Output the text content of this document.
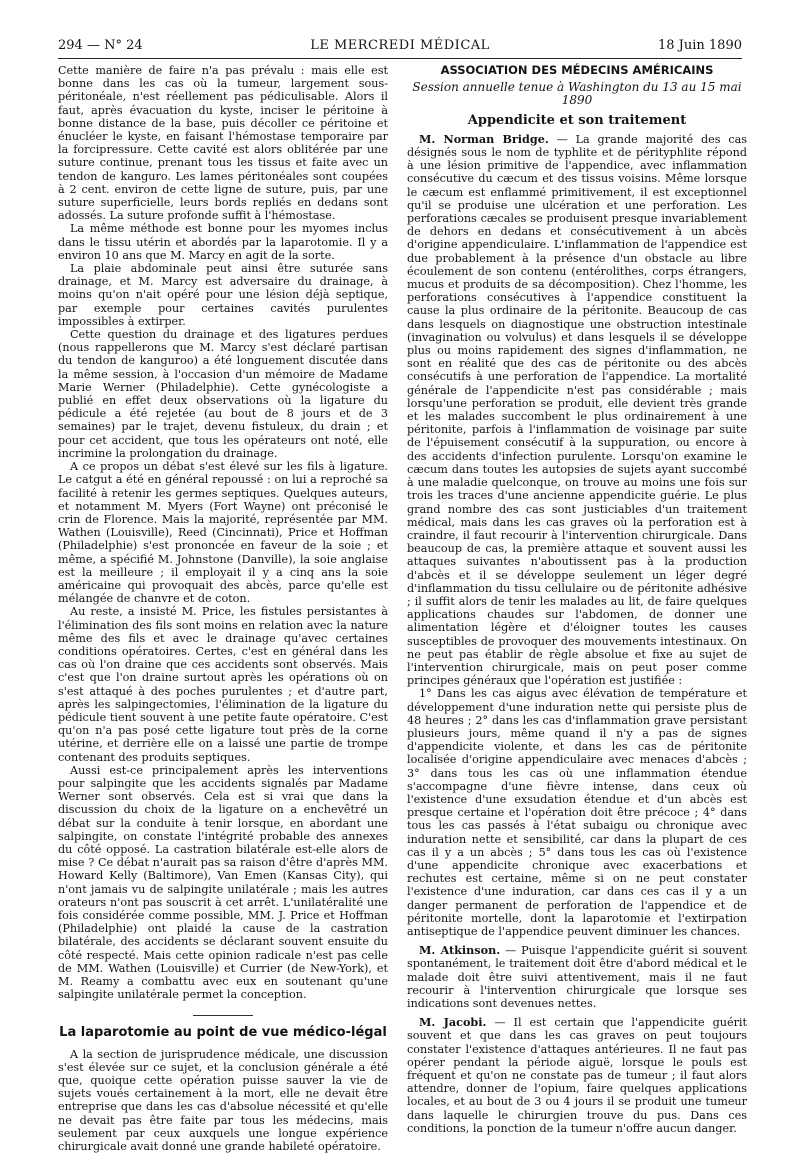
294 — N° 24	LE MERCREDI MÉDICAL	18 Juin 1890

Cette manière de faire n'a pas prévalu : mais elle est bonne dans les cas où la tumeur, largement sous-péritonéale, n'est réellement pas pédiculisable. Alors il faut, après évacuation du kyste, inciser le péritoine à bonne distance de la base, puis décoller ce péritoine et énucléer le kyste, en faisant l'hémostase temporaire par la forcipressure. Cette cavité est alors oblitérée par une suture continue, prenant tous les tissus et faite avec un tendon de kanguro. Les lames péritonéales sont coupées à 2 cent. environ de cette ligne de suture, puis, par une suture superficielle, leurs bords repliés en dedans sont adossés. La suture profonde suffit à l'hémostase.

La même méthode est bonne pour les myomes inclus dans le tissu utérin et abordés par la laparotomie. Il y a environ 10 ans que M. Marcy en agit de la sorte.

La plaie abdominale peut ainsi être suturée sans drainage, et M. Marcy est adversaire du drainage, à moins qu'on n'ait opéré pour une lésion déjà septique, par exemple pour certaines cavités purulentes impossibles à extirper.

Cette question du drainage et des ligatures perdues (nous rappellerons que M. Marcy s'est déclaré partisan du tendon de kanguroo) a été longuement discutée dans la même session, à l'occasion d'un mémoire de Madame Marie Werner (Philadelphie). Cette gynécologiste a publié en effet deux observations où la ligature du pédicule a été rejetée (au bout de 8 jours et de 3 semaines) par le trajet, devenu fistuleux, du drain ; et pour cet accident, que tous les opérateurs ont noté, elle incrimine la prolongation du drainage.

A ce propos un débat s'est élevé sur les fils à ligature. Le catgut a été en général repoussé : on lui a reproché sa facilité à retenir les germes septiques. Quelques auteurs, et notamment M. Myers (Fort Wayne) ont préconisé le crin de Florence. Mais la majorité, représentée par MM. Wathen (Louisville), Reed (Cincinnati), Price et Hoffman (Philadelphie) s'est prononcée en faveur de la soie ; et même, a spécifié M. Johnstone (Danville), la soie anglaise est la meilleure ; il employait il y a cinq ans la soie américaine qui provoquait des abcès, parce qu'elle est mélangée de chanvre et de coton.

Au reste, a insisté M. Price, les fistules persistantes à l'élimination des fils sont moins en relation avec la nature même des fils et avec le drainage qu'avec certaines conditions opératoires. Certes, c'est en général dans les cas où l'on draine que ces accidents sont observés. Mais c'est que l'on draine surtout après les opérations où on s'est attaqué à des poches purulentes ; et d'autre part, après les salpingectomies, l'élimination de la ligature du pédicule tient souvent à une petite faute opératoire. C'est qu'on n'a pas posé cette ligature tout près de la corne utérine, et derrière elle on a laissé une partie de trompe contenant des produits septiques.

Aussi est-ce principalement après les interventions pour salpingite que les accidents signalés par Madame Werner sont observés. Cela est si vrai que dans la discussion du choix de la ligature on a enchevêtré un débat sur la conduite à tenir lorsque, en abordant une salpingite, on constate l'intégrité probable des annexes du côté opposé. La castration bilatérale est-elle alors de mise ? Ce débat n'aurait pas sa raison d'être d'après MM. Howard Kelly (Baltimore), Van Emen (Kansas City), qui n'ont jamais vu de salpingite unilatérale ; mais les autres orateurs n'ont pas souscrit à cet arrêt. L'unilatéralité une fois considérée comme possible, MM. J. Price et Hoffman (Philadelphie) ont plaidé la cause de la castration bilatérale, des accidents se déclarant souvent ensuite du côté respecté. Mais cette opinion radicale n'est pas celle de MM. Wathen (Louisville) et Currier (de New-York), et M. Reamy a combattu avec eux en soutenant qu'une salpingite unilatérale permet la conception.

La laparotomie au point de vue médico-légal

A la section de jurisprudence médicale, une discussion s'est élevée sur ce sujet, et la conclusion générale a été que, quoique cette opération puisse sauver la vie de sujets voués certainement à la mort, elle ne devait être entreprise que dans les cas d'absolue nécessité et qu'elle ne devait pas être faite par tous les médecins, mais seulement par ceux auxquels une longue expérience chirurgicale avait donné une grande habileté opératoire.

ASSOCIATION DES MÉDECINS AMÉRICAINS
Session annuelle tenue à Washington du 13 au 15 mai 1890
Appendicite et son traitement

M. Norman Bridge. — La grande majorité des cas désignés sous le nom de typhlite et de pérityphlite répond à une lésion primitive de l'appendice, avec inflammation consécutive du cæcum et des tissus voisins. Même lorsque le cæcum est enflammé primitivement, il est exceptionnel qu'il se produise une ulcération et une perforation. Les perforations cæcales se produisent presque invariablement de dehors en dedans et consécutivement à un abcès d'origine appendiculaire. L'inflammation de l'appendice est due probablement à la présence d'un obstacle au libre écoulement de son contenu (entérolithes, corps étrangers, mucus et produits de sa décomposition). Chez l'homme, les perforations consécutives à l'appendice constituent la cause la plus ordinaire de la péritonite. Beaucoup de cas dans lesquels on diagnostique une obstruction intestinale (invagination ou volvulus) et dans lesquels il se développe plus ou moins rapidement des signes d'inflammation, ne sont en réalité que des cas de péritonite ou des abcès consécutifs à une perforation de l'appendice. La mortalité générale de l'appendicite n'est pas considérable ; mais lorsqu'une perforation se produit, elle devient très grande et les malades succombent le plus ordinairement à une péritonite, parfois à l'inflammation de voisinage par suite de l'épuisement consécutif à la suppuration, ou encore à des accidents d'infection purulente. Lorsqu'on examine le cæcum dans toutes les autopsies de sujets ayant succombé à une maladie quelconque, on trouve au moins une fois sur trois les traces d'une ancienne appendicite guérie. Le plus grand nombre des cas sont justiciables d'un traitement médical, mais dans les cas graves où la perforation est à craindre, il faut recourir à l'intervention chirurgicale. Dans beaucoup de cas, la première attaque et souvent aussi les attaques suivantes n'aboutissent pas à la production d'abcès et il se développe seulement un léger degré d'inflammation du tissu cellulaire ou de péritonite adhésive ; il suffit alors de tenir les malades au lit, de faire quelques applications chaudes sur l'abdomen, de donner une alimentation légère et d'éloigner toutes les causes susceptibles de provoquer des mouvements intestinaux. On ne peut pas établir de règle absolue et fixe au sujet de l'intervention chirurgicale, mais on peut poser comme principes généraux que l'opération est justifiée :

1° Dans les cas aigus avec élévation de température et développement d'une induration nette qui persiste plus de 48 heures ; 2° dans les cas d'inflammation grave persistant plusieurs jours, même quand il n'y a pas de signes d'appendicite violente, et dans les cas de péritonite localisée d'origine appendiculaire avec menaces d'abcès ; 3° dans tous les cas où une inflammation étendue s'accompagne d'une fièvre intense, dans ceux où l'existence d'une exsudation étendue et d'un abcès est presque certaine et l'opération doit être précoce ; 4° dans tous les cas passés à l'état subaigu ou chronique avec induration nette et sensibilité, car dans la plupart de ces cas il y a un abcès ; 5° dans tous les cas où l'existence d'une appendicite chronique avec exacerbations et rechutes est certaine, même si on ne peut constater l'existence d'une induration, car dans ces cas il y a un danger permanent de perforation de l'appendice et de péritonite mortelle, dont la laparotomie et l'extirpation antiseptique de l'appendice peuvent diminuer les chances.

M. Atkinson. — Puisque l'appendicite guérit si souvent spontanément, le traitement doit être d'abord médical et le malade doit être suivi attentivement, mais il ne faut recourir à l'intervention chirurgicale que lorsque ses indications sont devenues nettes.

M. Jacobi. — Il est certain que l'appendicite guérit souvent et que dans les cas graves on peut toujours constater l'existence d'attaques antérieures. Il ne faut pas opérer pendant la période aiguë, lorsque le pouls est fréquent et qu'on ne constate pas de tumeur ; il faut alors attendre, donner de l'opium, faire quelques applications locales, et au bout de 3 ou 4 jours il se produit une tumeur dans laquelle le chirurgien trouve du pus. Dans ces conditions, la ponction de la tumeur n'offre aucun danger.
